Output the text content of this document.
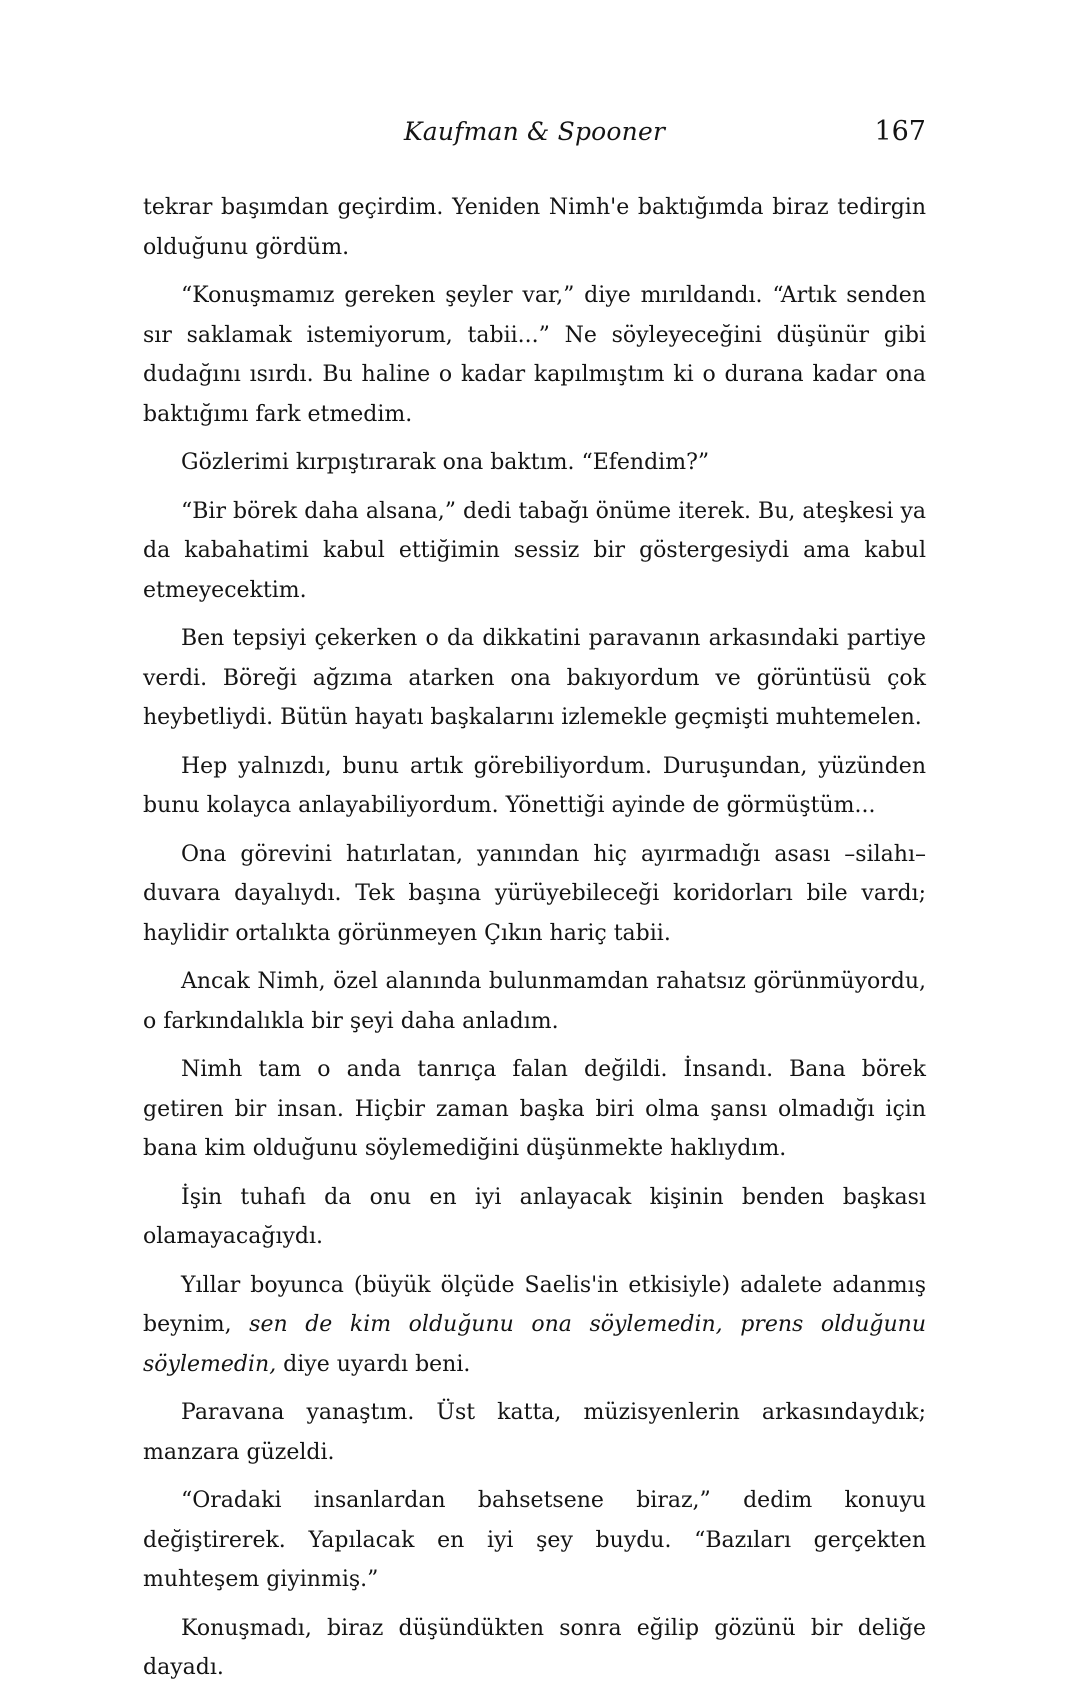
Kaufman & Spooner	167

tekrar başımdan geçirdim. Yeniden Nimh'e baktığımda biraz tedirgin olduğunu gördüm.

“Konuşmamız gereken şeyler var,” diye mırıldandı. “Artık senden sır saklamak istemiyorum, tabii...” Ne söyleyeceğini düşünür gibi dudağını ısırdı. Bu haline o kadar kapılmıştım ki o durana kadar ona baktığımı fark etmedim.

Gözlerimi kırpıştırarak ona baktım. “Efendim?”

“Bir börek daha alsana,” dedi tabağı önüme iterek. Bu, ateşkesi ya da kabahatimi kabul ettiğimin sessiz bir göstergesiydi ama kabul etmeyecektim.

Ben tepsiyi çekerken o da dikkatini paravanın arkasındaki partiye verdi. Böreği ağzıma atarken ona bakıyordum ve görüntüsü çok heybetliydi. Bütün hayatı başkalarını izlemekle geçmişti muhtemelen.

Hep yalnızdı, bunu artık görebiliyordum. Duruşundan, yüzünden bunu kolayca anlayabiliyordum. Yönettiği ayinde de görmüştüm...

Ona görevini hatırlatan, yanından hiç ayırmadığı asası –silahı– duvara dayalıydı. Tek başına yürüyebileceği koridorları bile vardı; haylidir ortalıkta görünmeyen Çıkın hariç tabii.

Ancak Nimh, özel alanında bulunmamdan rahatsız görünmüyordu, o farkındalıkla bir şeyi daha anladım.

Nimh tam o anda tanrıça falan değildi. İnsandı. Bana börek getiren bir insan. Hiçbir zaman başka biri olma şansı olmadığı için bana kim olduğunu söylemediğini düşünmekte haklıydım.

İşin tuhafı da onu en iyi anlayacak kişinin benden başkası olamayacağıydı.

Yıllar boyunca (büyük ölçüde Saelis'in etkisiyle) adalete adanmış beynim, sen de kim olduğunu ona söylemedin, prens olduğunu söylemedin, diye uyardı beni.

Paravana yanaştım. Üst katta, müzisyenlerin arkasındaydık; manzara güzeldi.

“Oradaki insanlardan bahsetsene biraz,” dedim konuyu değiştirerek. Yapılacak en iyi şey buydu. “Bazıları gerçekten muhteşem giyinmiş.”

Konuşmadı, biraz düşündükten sonra eğilip gözünü bir deliğe dayadı.
